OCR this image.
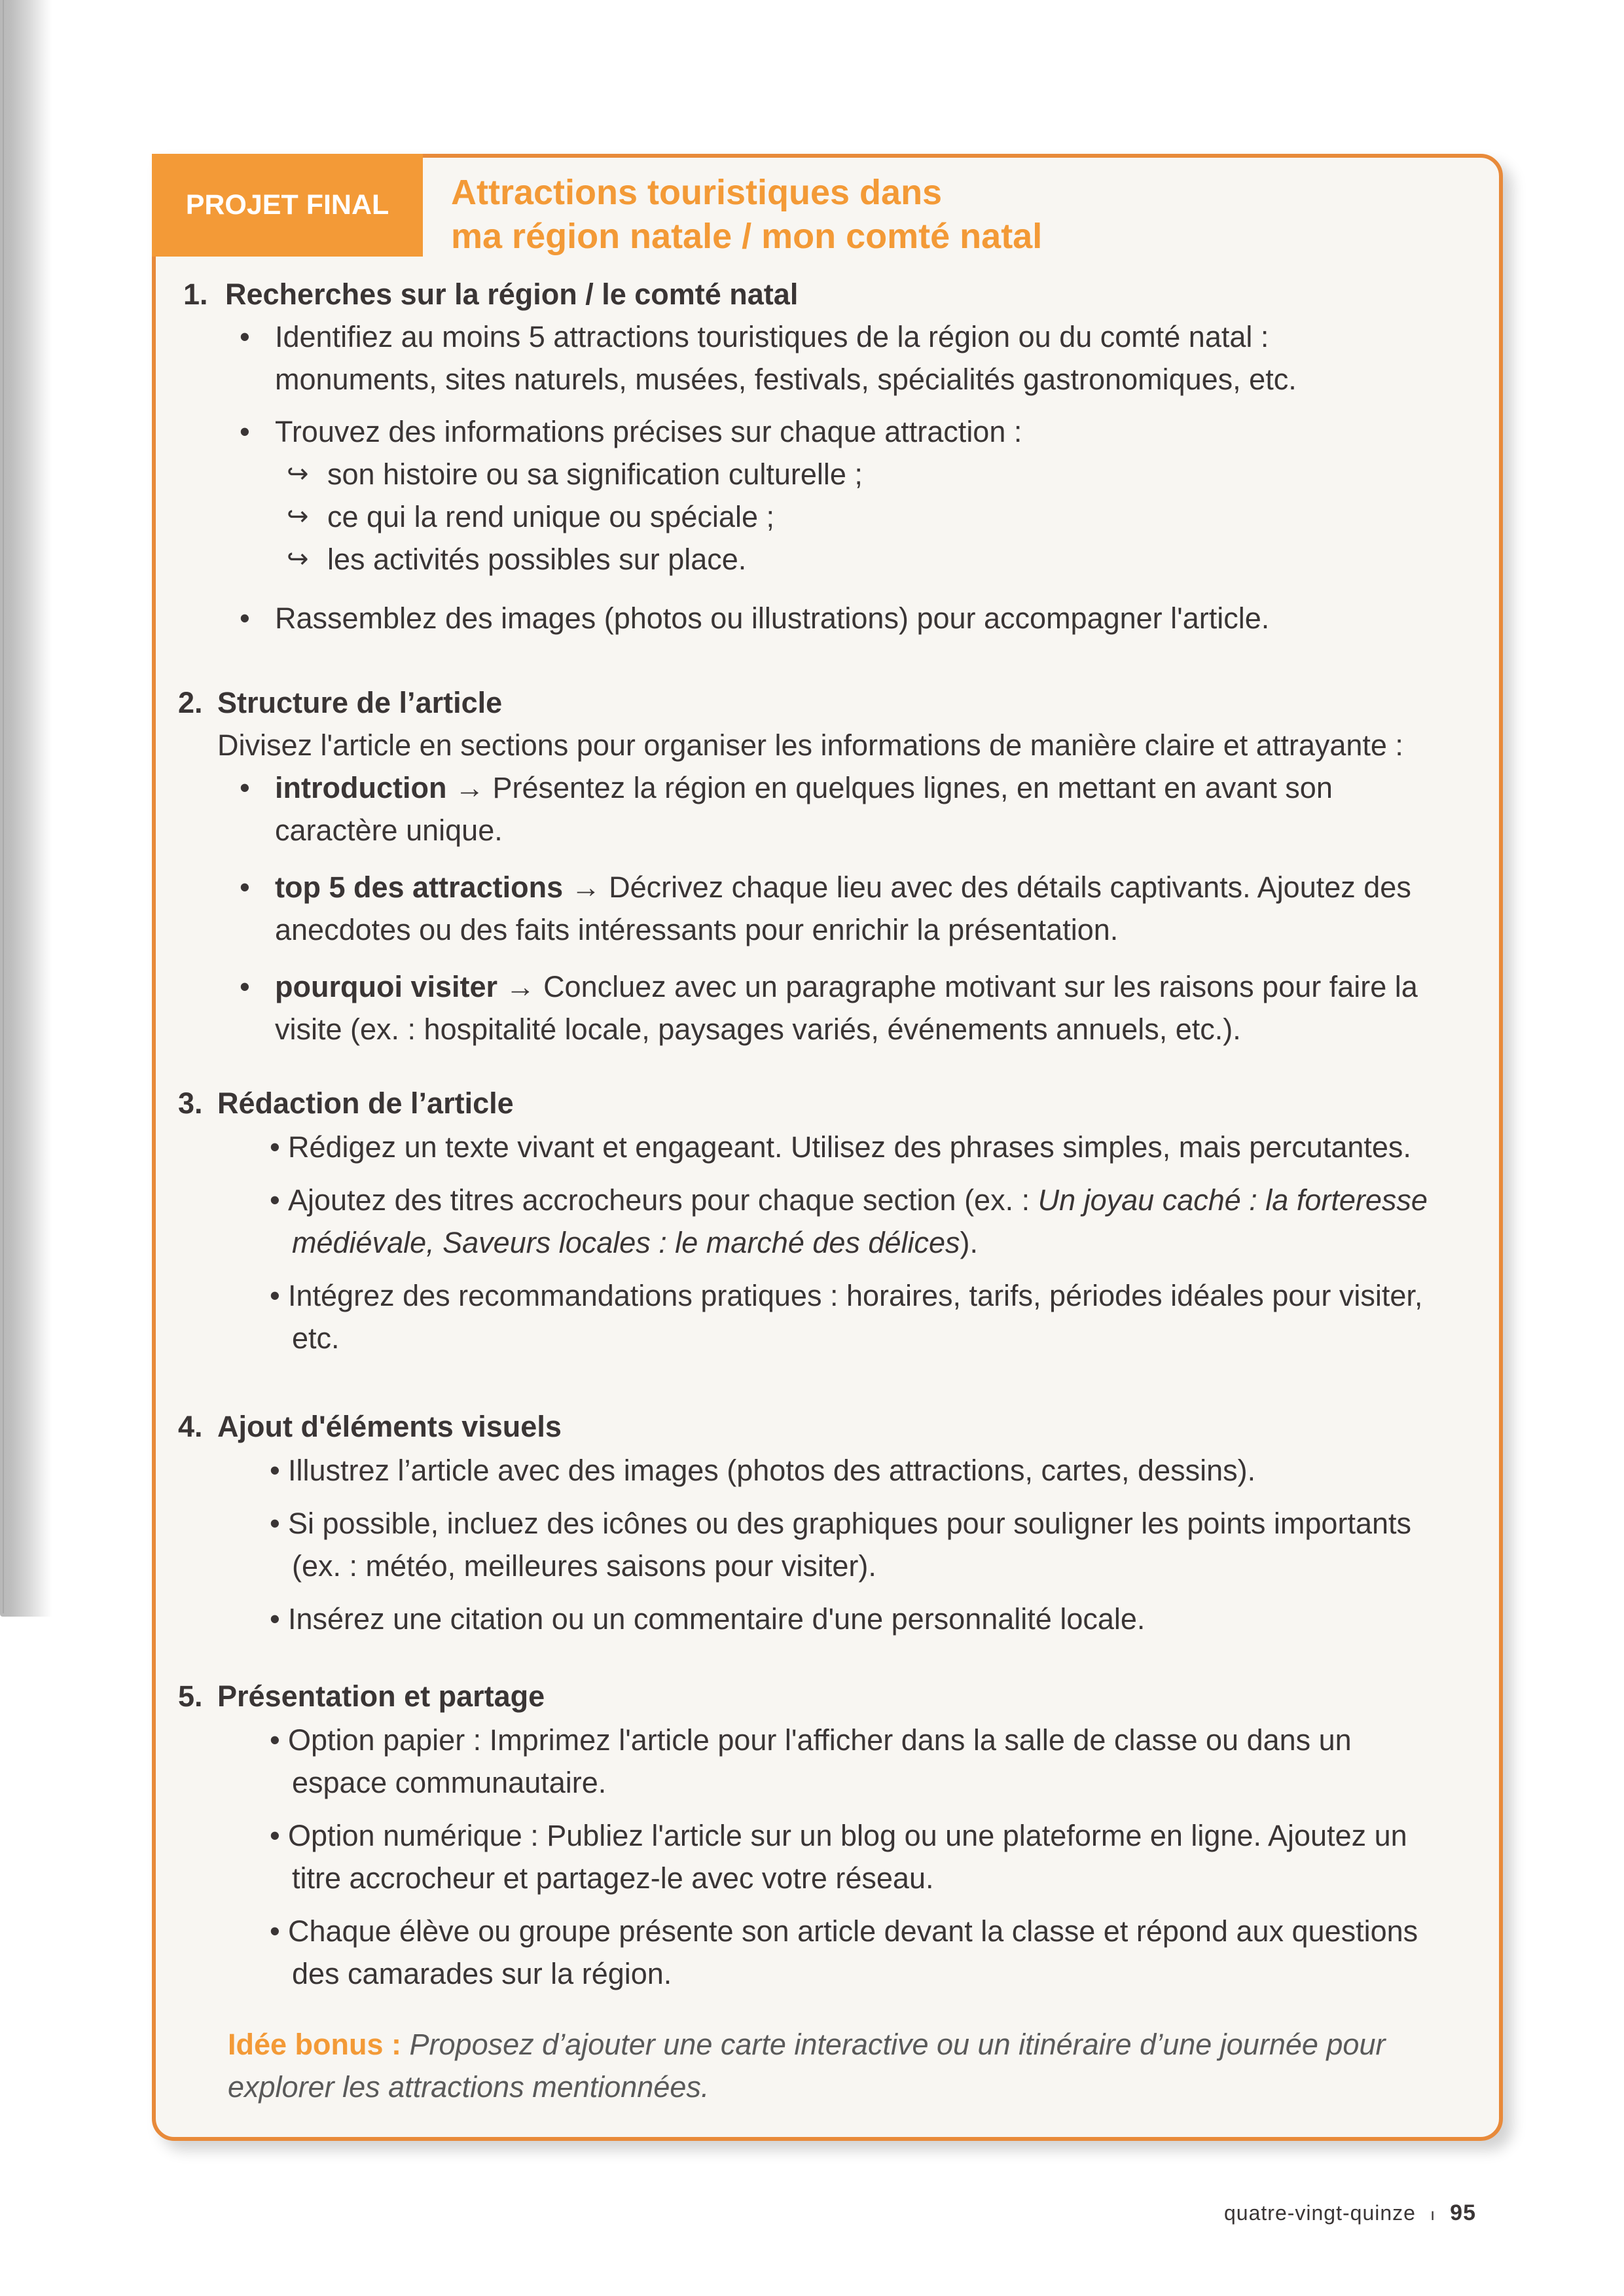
PROJET FINAL	Attractions touristiques dans
ma région natale / mon comté natal
1. Recherches sur la région / le comté natal
• Identifiez au moins 5 attractions touristiques de la région ou du comté natal :
monuments, sites naturels, musées, festivals, spécialités gastronomiques, etc.
• Trouvez des informations précises sur chaque attraction :
↪ son histoire ou sa signification culturelle ;
↪ ce qui la rend unique ou spéciale ;
↪ les activités possibles sur place.
• Rassemblez des images (photos ou illustrations) pour accompagner l'article.
2. Structure de l’article
Divisez l'article en sections pour organiser les informations de manière claire et attrayante :
• introduction → Présentez la région en quelques lignes, en mettant en avant son
caractère unique.
• top 5 des attractions → Décrivez chaque lieu avec des détails captivants. Ajoutez des
anecdotes ou des faits intéressants pour enrichir la présentation.
• pourquoi visiter → Concluez avec un paragraphe motivant sur les raisons pour faire la
visite (ex. : hospitalité locale, paysages variés, événements annuels, etc.).
3. Rédaction de l’article
• Rédigez un texte vivant et engageant. Utilisez des phrases simples, mais percutantes.
• Ajoutez des titres accrocheurs pour chaque section (ex. : Un joyau caché : la forteresse
médiévale, Saveurs locales : le marché des délices).
• Intégrez des recommandations pratiques : horaires, tarifs, périodes idéales pour visiter,
etc.
4. Ajout d'éléments visuels
• Illustrez l’article avec des images (photos des attractions, cartes, dessins).
• Si possible, incluez des icônes ou des graphiques pour souligner les points importants
(ex. : météo, meilleures saisons pour visiter).
• Insérez une citation ou un commentaire d'une personnalité locale.
5. Présentation et partage
• Option papier : Imprimez l'article pour l'afficher dans la salle de classe ou dans un
espace communautaire.
• Option numérique : Publiez l'article sur un blog ou une plateforme en ligne. Ajoutez un
titre accrocheur et partagez-le avec votre réseau.
• Chaque élève ou groupe présente son article devant la classe et répond aux questions
des camarades sur la région.
Idée bonus : Proposez d’ajouter une carte interactive ou un itinéraire d’une journée pour explorer les attractions mentionnées.
quatre-vingt-quinze ı 95
